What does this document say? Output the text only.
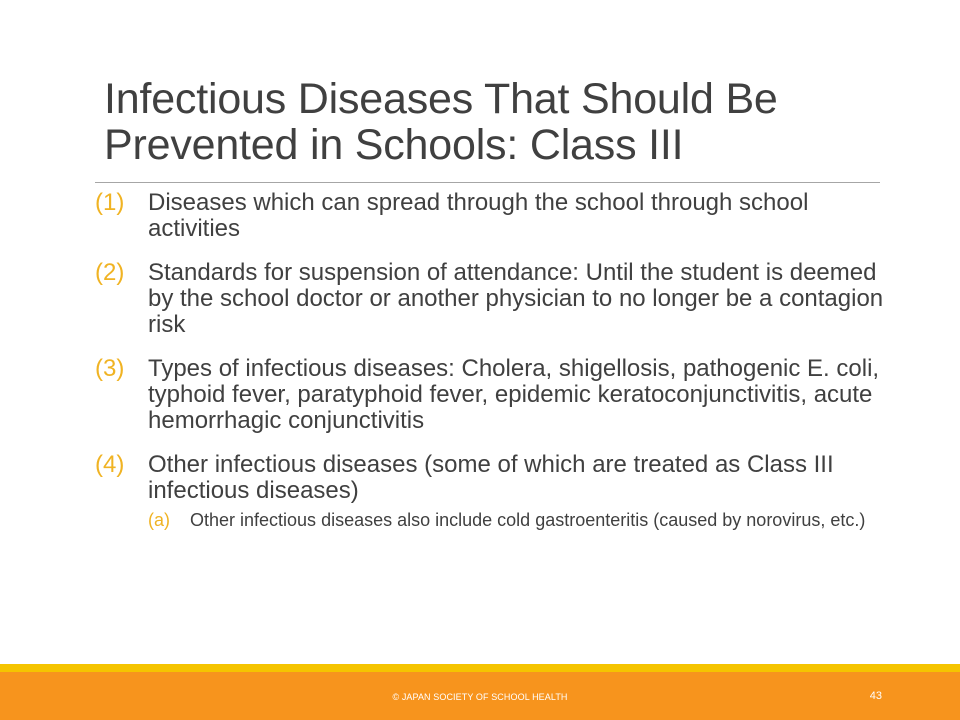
Infectious Diseases That Should Be
Prevented in Schools: Class III
(1) Diseases which can spread through the school through school activities
(2) Standards for suspension of attendance: Until the student is deemed by the school doctor or another physician to no longer be a contagion risk
(3) Types of infectious diseases: Cholera, shigellosis, pathogenic E. coli, typhoid fever, paratyphoid fever, epidemic keratoconjunctivitis, acute hemorrhagic conjunctivitis
(4) Other infectious diseases (some of which are treated as Class III infectious diseases)
(a)	Other infectious diseases also include cold gastroenteritis (caused by norovirus, etc.)
© JAPAN SOCIETY OF SCHOOL HEALTH	43
